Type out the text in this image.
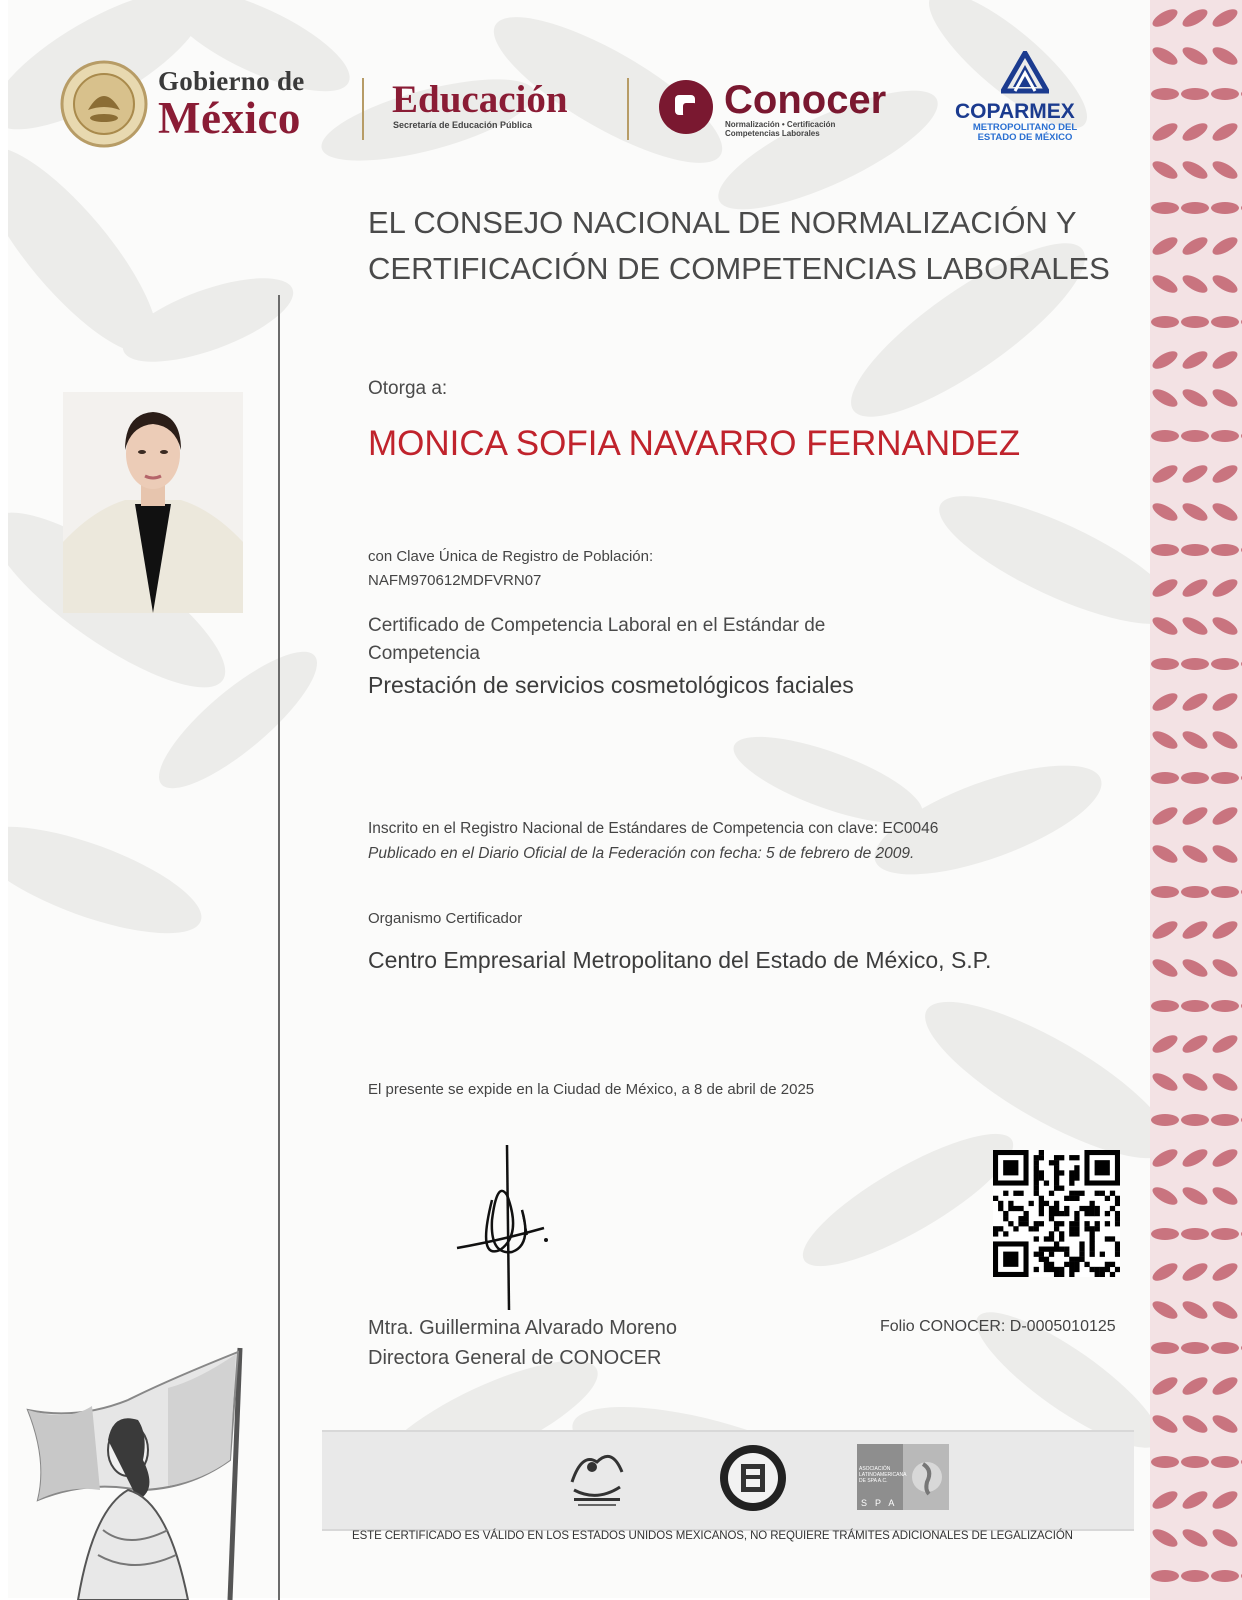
Gobierno de
México Educación
Secretaría de Educación Pública
Conocer
Normalización • Certificación Competencias Laborales
COPARMEX
METROPOLITANO DEL ESTADO DE MÉXICO
EL CONSEJO NACIONAL DE NORMALIZACIÓN Y
CERTIFICACIÓN DE COMPETENCIAS LABORALES
Otorga a:
MONICA SOFIA NAVARRO FERNANDEZ
con Clave Única de Registro de Población:
NAFM970612MDFVRN07
Certificado de Competencia Laboral en el Estándar de
Competencia
Prestación de servicios cosmetológicos faciales
Inscrito en el Registro Nacional de Estándares de Competencia con clave: EC0046
Publicado en el Diario Oficial de la Federación con fecha: 5 de febrero de 2009.
Organismo Certificador
Centro Empresarial Metropolitano del Estado de México, S.P.
El presente se expide en la Ciudad de México, a 8 de abril de 2025
Mtra. Guillermina Alvarado Moreno
Directora General de CONOCER
Folio CONOCER: D-0005010125
ASOCIACIÓN LATINOAMERICANA DE SPA A.C.
SPA
ESTE CERTIFICADO ES VÁLIDO EN LOS ESTADOS UNIDOS MEXICANOS, NO REQUIERE TRÁMITES ADICIONALES DE LEGALIZACIÓN
